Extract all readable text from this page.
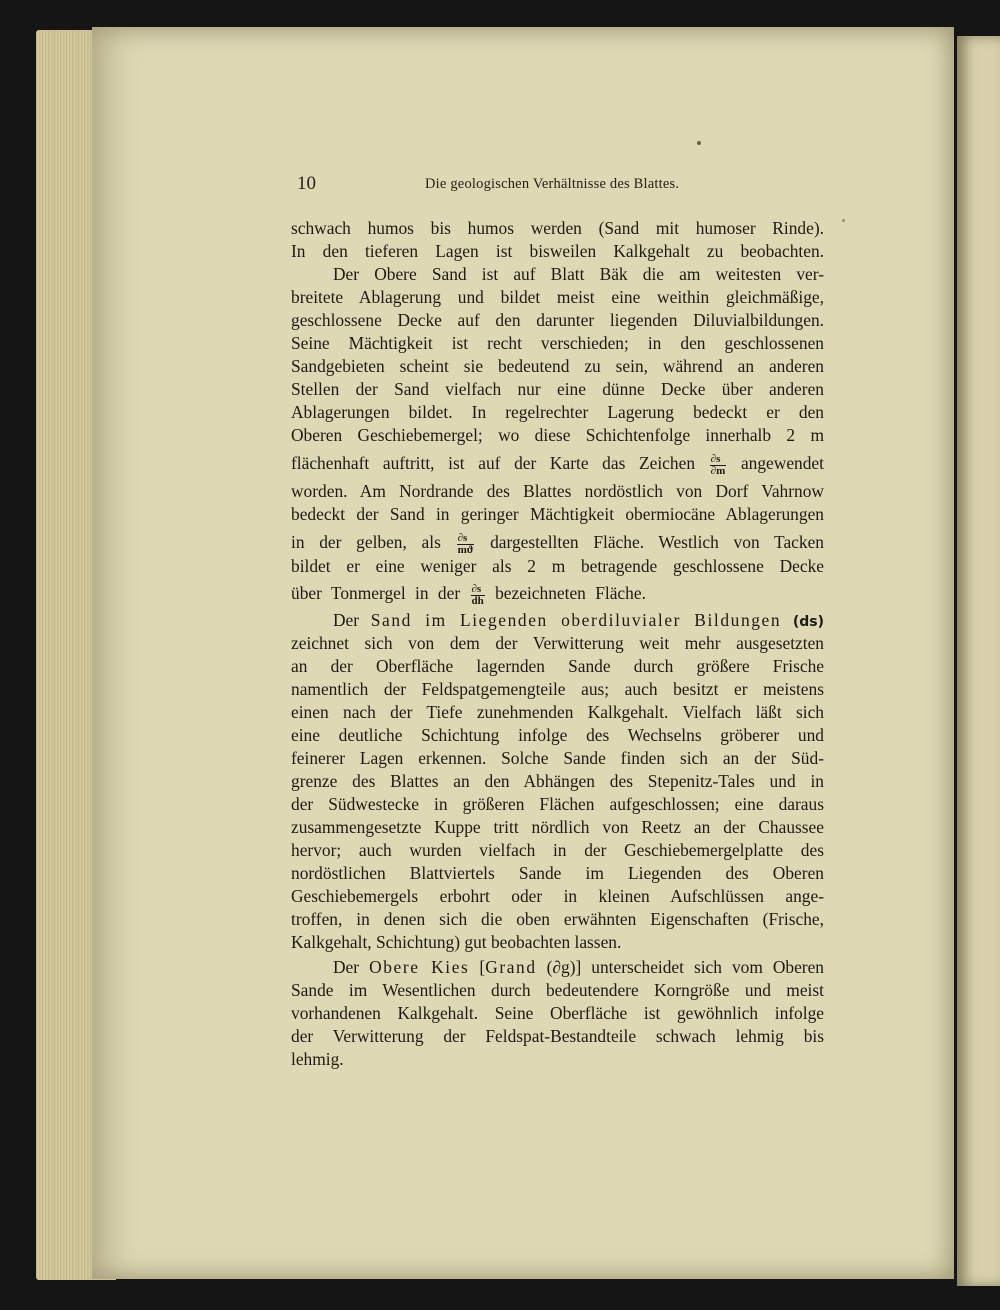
10	Die geologischen Verhältnisse des Blattes.
schwach humos bis humos werden (Sand mit humoser Rinde).
In den tieferen Lagen ist bisweilen Kalkgehalt zu beobachten.
Der Obere Sand ist auf Blatt Bäk die am weitesten ver-
breitete Ablagerung und bildet meist eine weithin gleichmäßige,
geschlossene Decke auf den darunter liegenden Diluvialbildungen.
Seine Mächtigkeit ist recht verschieden; in den geschlossenen
Sandgebieten scheint sie bedeutend zu sein, während an anderen
Stellen der Sand vielfach nur eine dünne Decke über anderen
Ablagerungen bildet. In regelrechter Lagerung bedeckt er den
Oberen Geschiebemergel; wo diese Schichtenfolge innerhalb 2 m
flächenhaft auftritt, ist auf der Karte das Zeichen $\frac{\partial s}{\partial m}$ angewendet
worden. Am Nordrande des Blattes nordöstlich von Dorf Vahrnow
bedeckt der Sand in geringer Mächtigkeit obermiocäne Ablagerungen
in der gelben, als $\frac{\partial s}{mϑ}$ dargestellten Fläche. Westlich von Tacken
bildet er eine weniger als 2 m betragende geschlossene Decke
über Tonmergel in der $\frac{\partial s}{dh}$ bezeichneten Fläche.
Der Sand im Liegenden oberdiluvialer Bildungen (ds)
zeichnet sich von dem der Verwitterung weit mehr ausgesetzten
an der Oberfläche lagernden Sande durch größere Frische
namentlich der Feldspatgemengteile aus; auch besitzt er meistens
einen nach der Tiefe zunehmenden Kalkgehalt. Vielfach läßt sich
eine deutliche Schichtung infolge des Wechselns gröberer und
feinerer Lagen erkennen. Solche Sande finden sich an der Süd-
grenze des Blattes an den Abhängen des Stepenitz-Tales und in
der Südwestecke in größeren Flächen aufgeschlossen; eine daraus
zusammengesetzte Kuppe tritt nördlich von Reetz an der Chaussee
hervor; auch wurden vielfach in der Geschiebemergelplatte des
nordöstlichen Blattviertels Sande im Liegenden des Oberen
Geschiebemergels erbohrt oder in kleinen Aufschlüssen ange-
troffen, in denen sich die oben erwähnten Eigenschaften (Frische,
Kalkgehalt, Schichtung) gut beobachten lassen.
Der Obere Kies [Grand (∂g)] unterscheidet sich vom Oberen
Sande im Wesentlichen durch bedeutendere Korngröße und meist
vorhandenen Kalkgehalt. Seine Oberfläche ist gewöhnlich infolge
der Verwitterung der Feldspat-Bestandteile schwach lehmig bis
lehmig.
